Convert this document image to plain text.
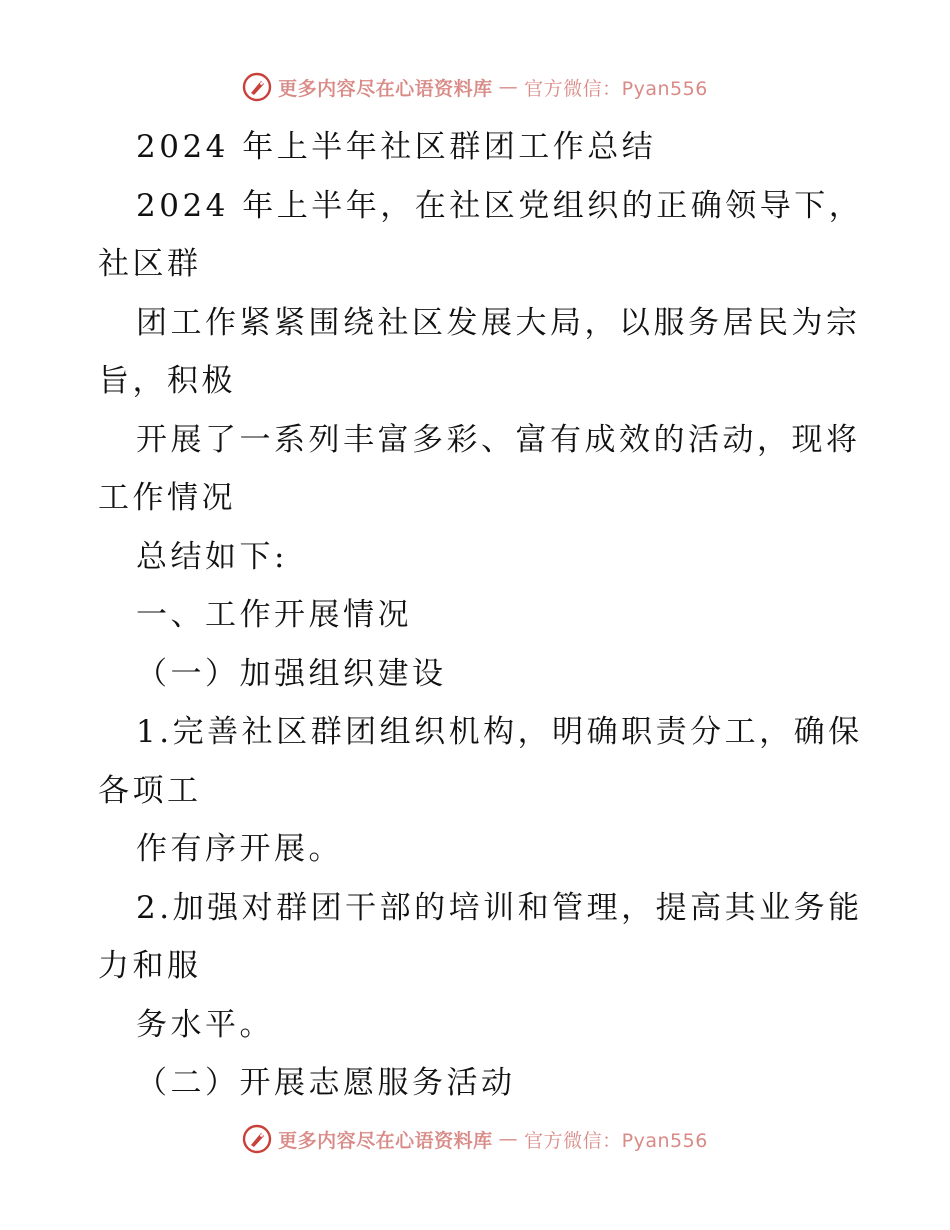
更多内容尽在心语资料库 — 官方微信：Pyan556
2024 年上半年社区群团工作总结
2024 年上半年，在社区党组织的正确领导下，
社区群
团工作紧紧围绕社区发展大局，以服务居民为宗
旨，积极
开展了一系列丰富多彩、富有成效的活动，现将
工作情况
总结如下:
一、工作开展情况
（一）加强组织建设
1.完善社区群团组织机构，明确职责分工，确保
各项工
作有序开展。
2.加强对群团干部的培训和管理，提高其业务能
力和服
务水平。
（二）开展志愿服务活动
更多内容尽在心语资料库 — 官方微信：Pyan556
